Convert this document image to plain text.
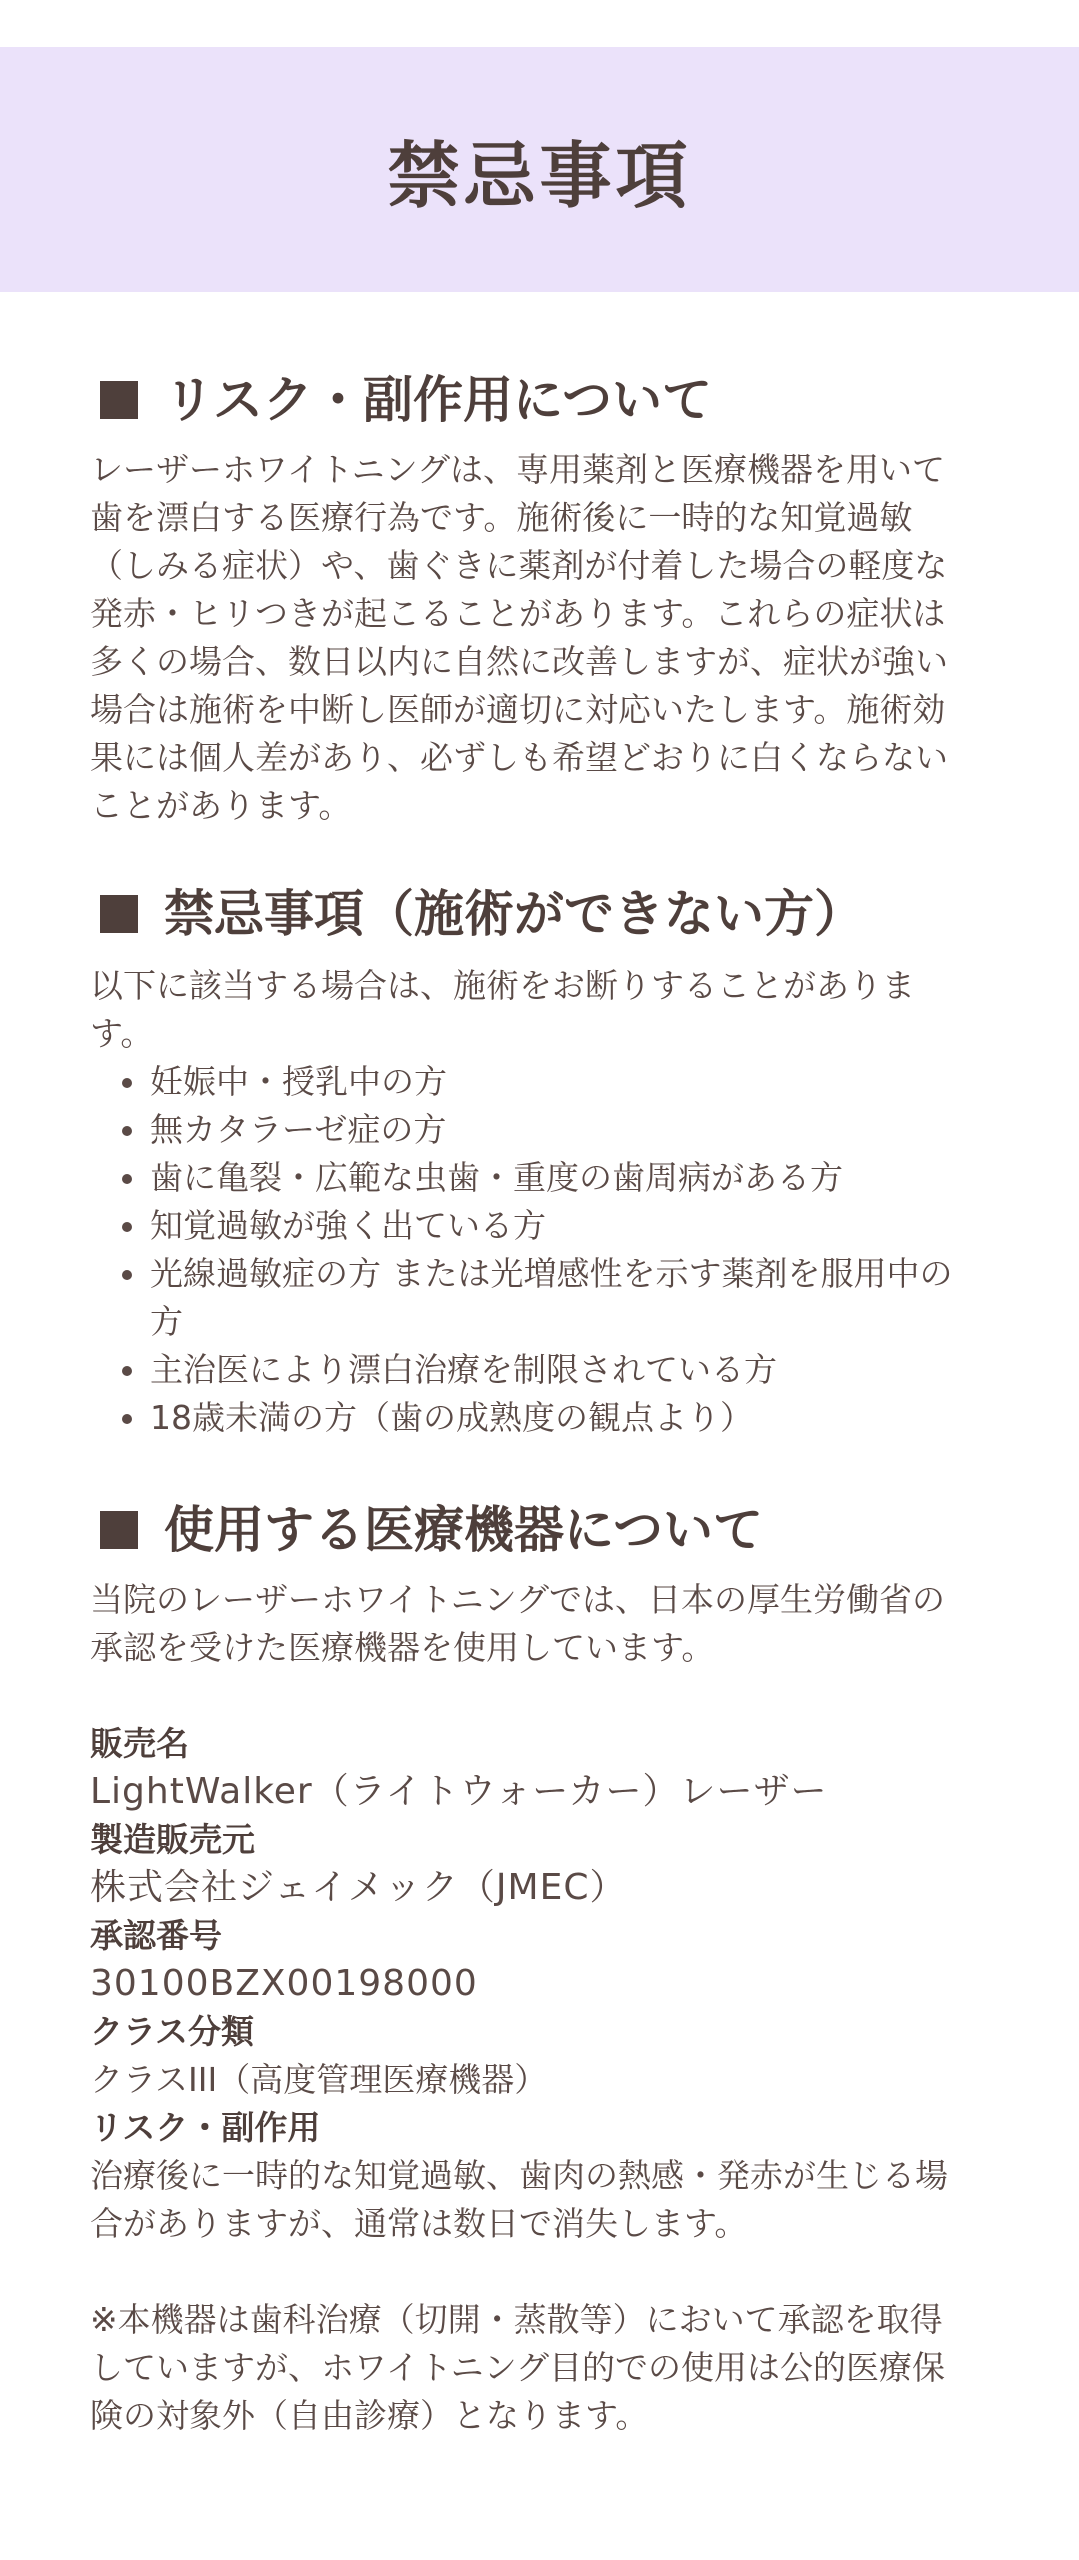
禁忌事項
リスク・副作用について

レーザーホワイトニングは、専用薬剤と医療機器を用いて歯を漂白する医療行為です。施術後に一時的な知覚過敏（しみる症状）や、歯ぐきに薬剤が付着した場合の軽度な発赤・ヒリつきが起こることがあります。これらの症状は多くの場合、数日以内に自然に改善しますが、症状が強い場合は施術を中断し医師が適切に対応いたします。施術効果には個人差があり、必ずしも希望どおりに白くならないことがあります。

禁忌事項（施術ができない方）

以下に該当する場合は、施術をお断りすることがあります。

妊娠中・授乳中の方
無カタラーゼ症の方
歯に亀裂・広範な虫歯・重度の歯周病がある方
知覚過敏が強く出ている方
光線過敏症の方 または光増感性を示す薬剤を服用中の方
主治医により漂白治療を制限されている方
18歳未満の方（歯の成熟度の観点より）
使用する医療機器について

当院のレーザーホワイトニングでは、日本の厚生労働省の承認を受けた医療機器を使用しています。

販売名
LightWalker（ライトウォーカー）レーザー
製造販売元
株式会社ジェイメック（JMEC）
承認番号
30100BZX00198000
クラス分類
クラスIII（高度管理医療機器）
リスク・副作用
治療後に一時的な知覚過敏、歯肉の熱感・発赤が生じる場合がありますが、通常は数日で消失します。

※本機器は歯科治療（切開・蒸散等）において承認を取得していますが、ホワイトニング目的での使用は公的医療保険の対象外（自由診療）となります。
